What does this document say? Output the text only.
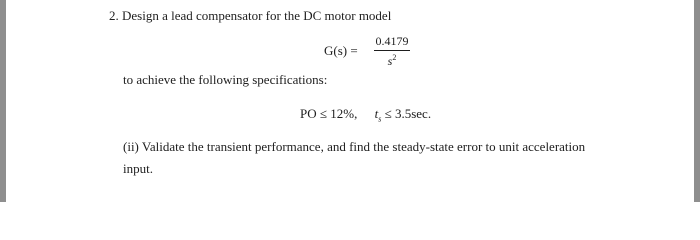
2. Design a lead compensator for the DC motor model
G(s) =
0.4179
$s^2$
to achieve the following specifications:
PO ≤ 12%, $t_s \le 3.5\sec$.
(ii) Validate the transient performance, and find the steady-state error to unit acceleration
input.
